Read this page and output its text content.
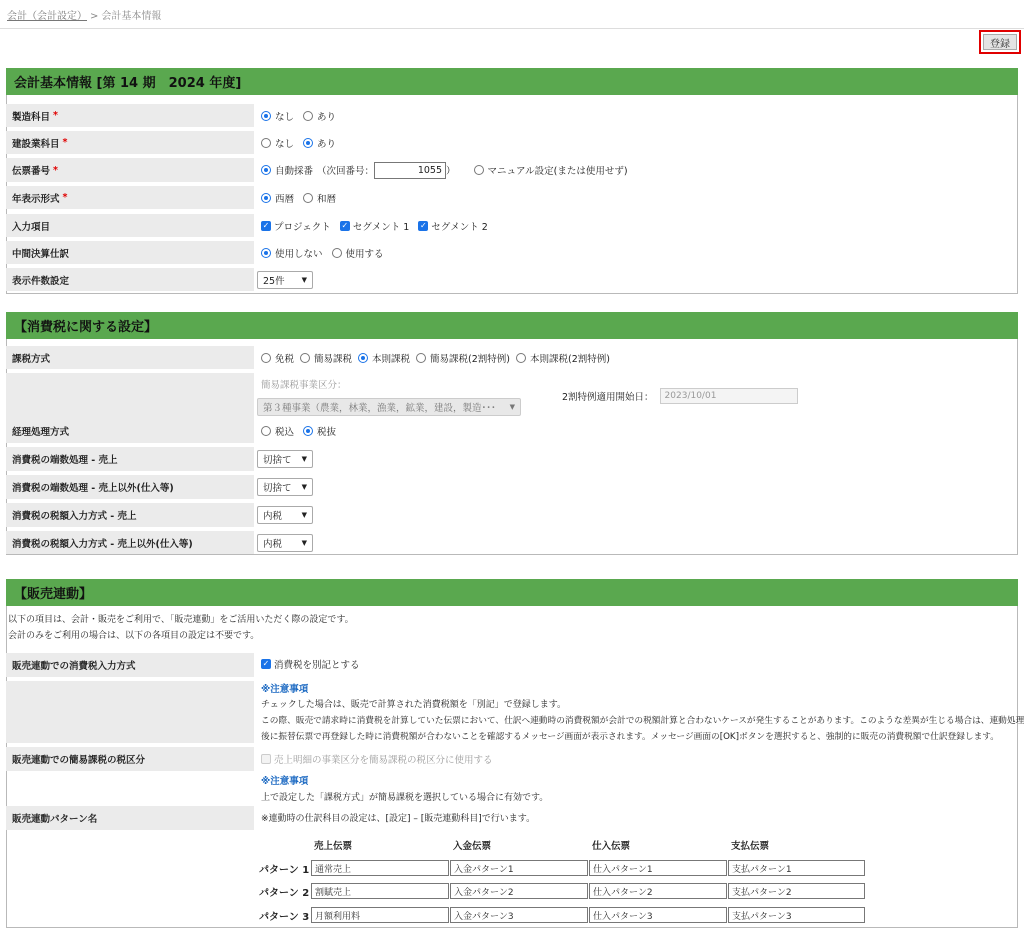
会計（会計設定） > 会計基本情報
登録
会計基本情報 [第 14 期　2024 年度]
製造科目 *	なし あり
建設業科目 *	なし あり
伝票番号 *	自動採番 （次回番号：	1055 ）	マニュアル設定(または使用せず)
年表示形式 *	西暦 和暦
入力項目	✓ プロジェクト ✓ セグメント 1 ✓ セグメント 2
中間決算仕訳	使用しない 使用する
表示件数設定	25件 ▼
【消費税に関する設定】
課税方式	免税 簡易課税 本則課税 簡易課税(2割特例) 本則課税(2割特例)
簡易課税事業区分：
第３種事業（農業，林業，漁業，鉱業，建設，製造･･･ ▼
2割特例適用開始日：	2023/10/01
経理処理方式	税込 税抜
消費税の端数処理 - 売上	切捨て ▼
消費税の端数処理 - 売上以外(仕入等)	切捨て ▼
消費税の税額入力方式 - 売上	内税	▼
消費税の税額入力方式 - 売上以外(仕入等)	内税	▼
【販売連動】
以下の項目は、会計・販売をご利用で、「販売連動」をご活用いただく際の設定です。
会計のみをご利用の場合は、以下の各項目の設定は不要です。
販売連動での消費税入力方式	✓ 消費税を別記とする
※注意事項
チェックした場合は、販売で計算された消費税額を「別記」で登録します。
この際、販売で請求時に消費税を計算していた伝票において、仕訳へ連動時の消費税額が会計での税額計算と合わないケースが発生することがあります。このような差異が生じる場合は、連動処理
後に振替伝票で再登録した時に消費税額が合わないことを確認するメッセージ画面が表示されます。メッセージ画面の[OK]ボタンを選択すると、強制的に販売の消費税額で仕訳登録します。
販売連動での簡易課税の税区分	売上明細の事業区分を簡易課税の税区分に使用する
※注意事項
上で設定した「課税方式」が簡易課税を選択している場合に有効です。
販売連動パターン名	※連動時の仕訳科目の設定は、[設定] – [販売連動科目]で行います。
売上伝票	入金伝票	仕入伝票	支払伝票
パターン 1 通常売上	入金パターン1	仕入パターン1	支払パターン1
パターン 2 割賦売上	入金パターン2	仕入パターン2	支払パターン2
パターン 3 月額利用料	入金パターン3	仕入パターン3	支払パターン3
